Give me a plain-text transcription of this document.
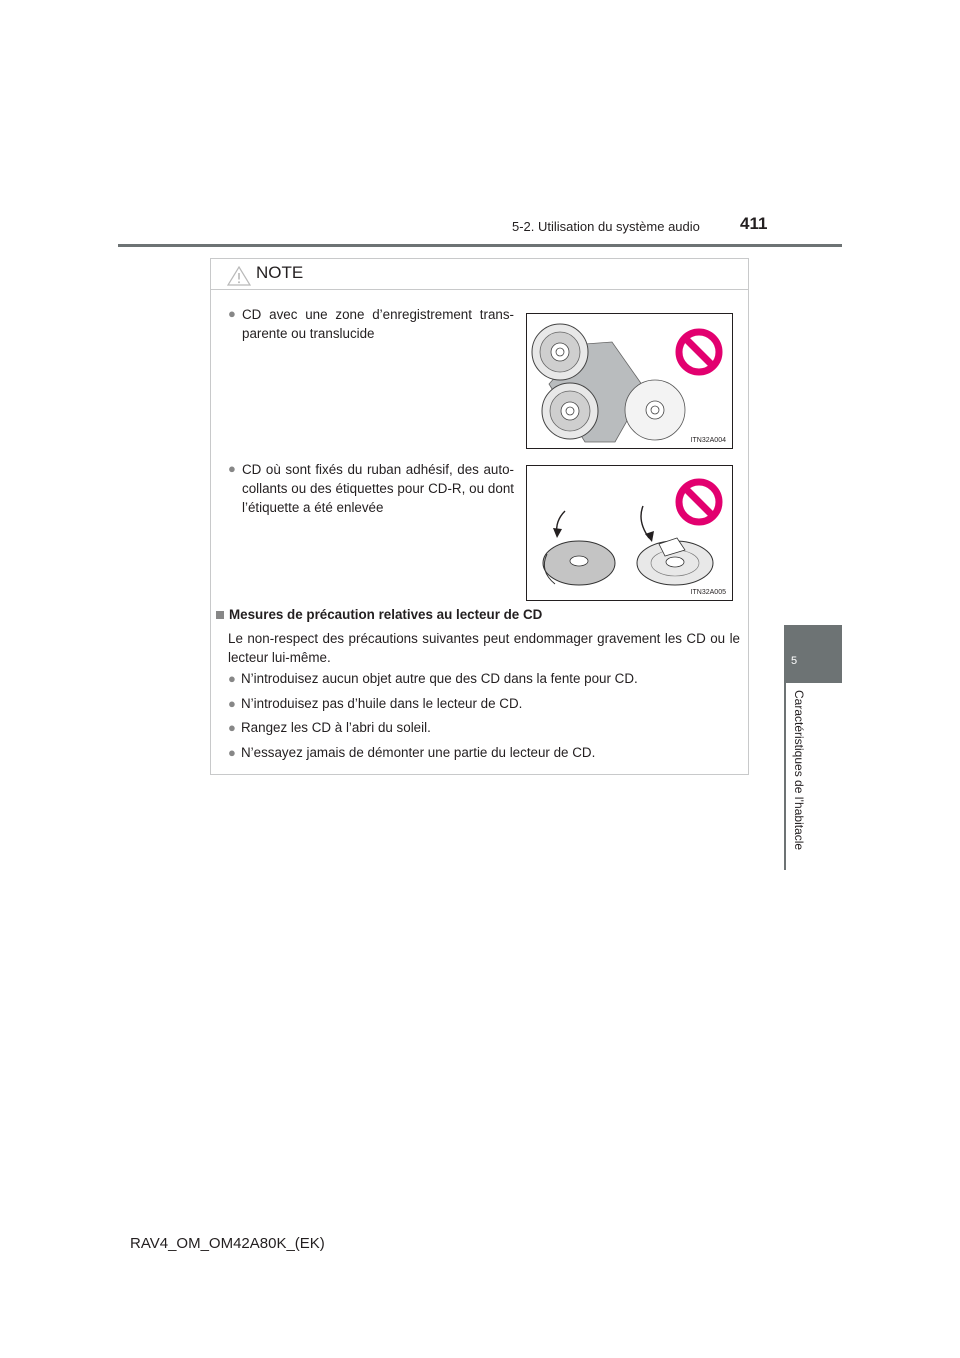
5-2. Utilisation du système audio 411
5
Caractéristiques de l’habitacle
NOTE
● CD avec une zone d’enregistrement trans-parente ou translucide
ITN32A004
● CD où sont fixés du ruban adhésif, des auto-collants ou des étiquettes pour CD-R, ou dont l’étiquette a été enlevée
ITN32A005
Mesures de précaution relatives au lecteur de CD
Le non-respect des précautions suivantes peut endommager gravement les CD ou le lecteur lui-même.
● N’introduisez aucun objet autre que des CD dans la fente pour CD.
● N’introduisez pas d’huile dans le lecteur de CD.
● Rangez les CD à l’abri du soleil.
● N’essayez jamais de démonter une partie du lecteur de CD.
RAV4_OM_OM42A80K_(EK)
